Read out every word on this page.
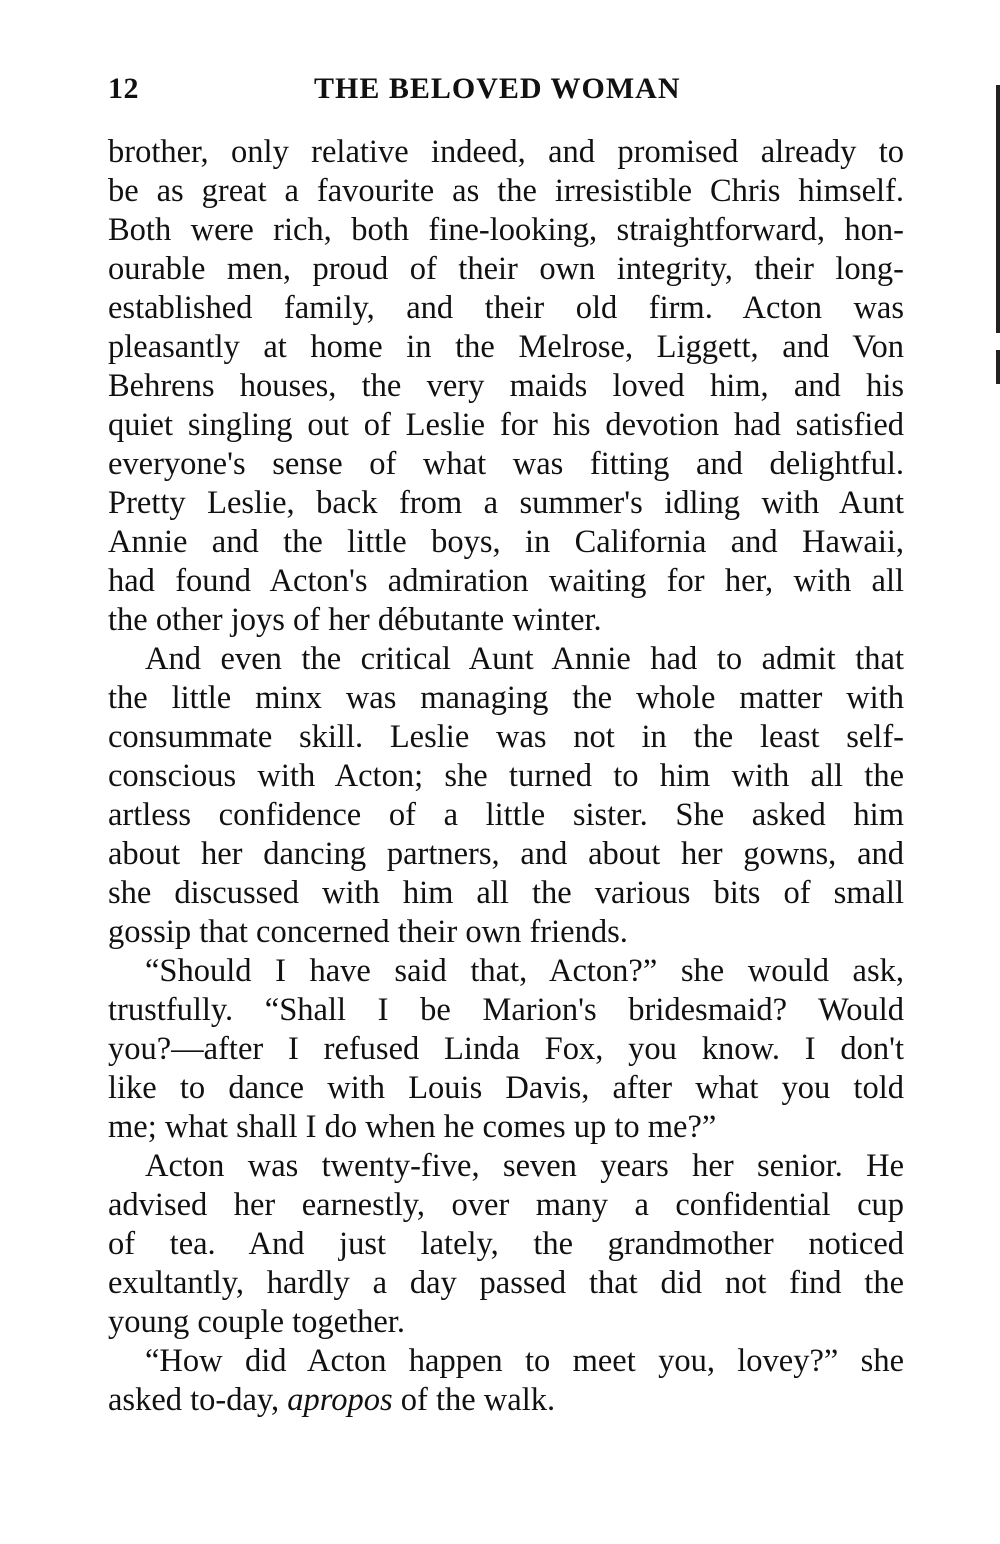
12	THE BELOVED WOMAN
brother, only relative indeed, and promised already to
be as great a favourite as the irresistible Chris himself.
Both were rich, both fine-looking, straightforward, hon-
ourable men, proud of their own integrity, their long-
established family, and their old firm. Acton was
pleasantly at home in the Melrose, Liggett, and Von
Behrens houses, the very maids loved him, and his
quiet singling out of Leslie for his devotion had satisfied
everyone's sense of what was fitting and delightful.
Pretty Leslie, back from a summer's idling with Aunt
Annie and the little boys, in California and Hawaii,
had found Acton's admiration waiting for her, with all
the other joys of her débutante winter.
And even the critical Aunt Annie had to admit that
the little minx was managing the whole matter with
consummate skill. Leslie was not in the least self-
conscious with Acton; she turned to him with all the
artless confidence of a little sister. She asked him
about her dancing partners, and about her gowns, and
she discussed with him all the various bits of small
gossip that concerned their own friends.
“Should I have said that, Acton?” she would ask,
trustfully. “Shall I be Marion's bridesmaid? Would
you?—after I refused Linda Fox, you know. I don't
like to dance with Louis Davis, after what you told
me; what shall I do when he comes up to me?”
Acton was twenty-five, seven years her senior. He
advised her earnestly, over many a confidential cup
of tea. And just lately, the grandmother noticed
exultantly, hardly a day passed that did not find the
young couple together.
“How did Acton happen to meet you, lovey?” she
asked to-day, apropos of the walk.
